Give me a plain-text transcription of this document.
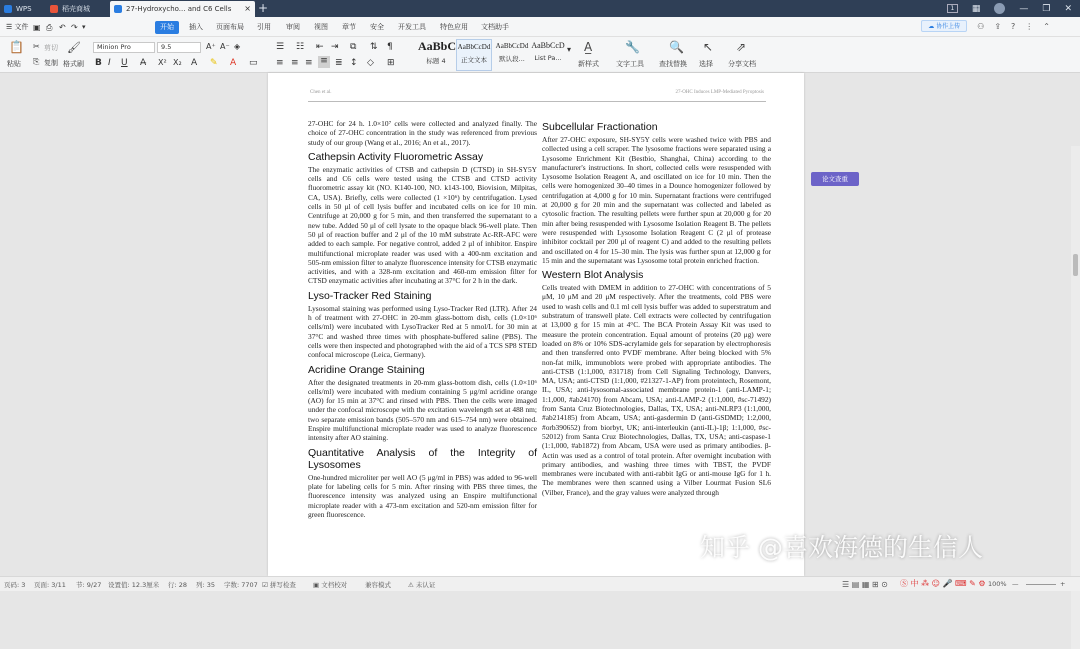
WPS	稻壳商城	27-Hydroxycho... and C6 Cells × +	1	▦	— ❐ ✕
☰ 文件 ▣ ⎙ ↶ ↷ ▾	开始	插入 页面布局 引用 审阅 视图 章节 安全 开发工具 特色应用 文档助手	☁ 协作上传	⚇ ⇪ ? ⋮ ⌃
📋
粘贴
✂ 剪切
⎘ 复制
🖌
格式刷
Minion Pro	9.5	A⁺ A⁻ ◈
B I U A̶ X² X₂ A ✎ A ▭
☰ ☷ ⇤ ⇥ ⧉ ⇅ ¶
≡ ≡ ≡ ≡ ≣ ↕ ◇ ⊞
AaBbC
标题 4
AaBbCcDd
正文文本
AaBbCcDd
默认段...
AaBbCcD
List Pa...
▾ A̲
新样式
🔧
文字工具
🔍
查找替换
↖
选择
⇗
分享文档
Chen et al.	27-OHC Induces LMP-Mediated Pyroptosis
27-OHC for 24 h. 1.0×10⁷ cells were collected and analyzed finally. The choice of 27-OHC concentration in the study was referenced from previous study of our group (Wang et al., 2016; An et al., 2017).
Cathepsin Activity Fluorometric Assay
The enzymatic activities of CTSB and cathepsin D (CTSD) in SH-SY5Y cells and C6 cells were tested using the CTSB and CTSD activity fluorometric assay kit (NO. K140-100, NO. k143-100, Biovision, Milpitas, CA, USA). Briefly, cells were collected (1 ×10⁶) by centrifugation. Lysed cells in 50 μl of cell lysis buffer and incubated cells on ice for 10 min. Centrifuge at 20,000 g for 5 min, and then transferred the supernatant to a new tube. Added 50 μl of cell lysate to the opaque black 96-well plate. Then 50 μl of reaction buffer and 2 μl of the 10 mM substrate Ac-RR-AFC were added to each sample. For negative control, added 2 μl of inhibitor. Enspire multifunctional microplate reader was used with a 400-nm excitation and 505-nm emission filter to analyze fluorescence intensity for CTSB enzymatic activities, and with a 328-nm excitation and 460-nm emission filter for CTSD enzymatic activities after incubating at 37°C for 2 h in the dark.
Lyso-Tracker Red Staining
Lysosomal staining was performed using Lyso-Tracker Red (LTR). After 24 h of treatment with 27-OHC in 20-mm glass-bottom dish, cells (1.0×10⁶ cells/ml) were incubated with LysoTracker Red at 5 nmol/L for 30 min at 37°C and washed three times with phosphate-buffered saline (PBS). The cells were then inspected and photographed with the aid of a TCS SP8 STED confocal microscope (Leica, Germany).
Acridine Orange Staining
After the designated treatments in 20-mm glass-bottom dish, cells (1.0×10⁶ cells/ml) were incubated with medium containing 5 μg/ml acridine orange (AO) for 15 min at 37°C and rinsed with PBS. Then the cells were imaged under the confocal microscope with the excitation wavelength set at 488 nm; two separate emission bands (505–570 nm and 615–754 nm) were obtained. Enspire multifunctional microplate reader was used to analyze fluorescence intensity after AO staining.
Quantitative Analysis of the Integrity of Lysosomes
One-hundred microliter per well AO (5 μg/ml in PBS) was added to 96-well plate for labeling cells for 5 min. After rinsing with PBS three times, the fluorescence intensity was analyzed using an Enspire multifunctional microplate reader with a 473-nm excitation and 520-nm emission filter for green fluorescence.
Subcellular Fractionation
After 27-OHC exposure, SH-SY5Y cells were washed twice with PBS and collected using a cell scraper. The lysosome fractions were separated using a Lysosome Enrichment Kit (Bestbio, Shanghai, China) according to the manufacturer's instructions. In short, collected cells were resuspended with Lysosome Isolation Reagent A, and oscillated on ice for 10 min. Then the cells were homogenized 30–40 times in a Dounce homogenizer followed by centrifugation at 4,000 g for 10 min. Supernatant fractions were centrifuged at 20,000 g for 20 min and the supernatant was collected and labeled as cytosolic fraction. The resulting pellets were further spun at 20,000 g for 20 min after being resuspended with Lysosome Isolation Reagent B. The pellets were resuspended with Lysosome Isolation Reagent C (2 μl of protease inhibitor cocktail per 200 μl of reagent C) and added to the resulting pellets and oscillated on 4 for 15–30 min. The lysis was further spun at 12,000 g for 15 min and the supernatant was Lysosome total protein enriched fraction.
Western Blot Analysis
Cells treated with DMEM in addition to 27-OHC with concentrations of 5 μM, 10 μM and 20 μM respectively. After the treatments, cold PBS were used to wash cells and 0.1 ml cell lysis buffer was added to superstratum and substratum of transwell plate. Cell extracts were collected by centrifugation at 13,000 g for 15 min at 4°C. The BCA Protein Assay Kit was used to measure the protein concentration. Equal amount of proteins (20 μg) were loaded on 8% or 10% SDS-acrylamide gels for separation by electrophoresis and then transferred onto PVDF membrane. After being blocked with 5% non-fat milk, immunoblots were probed with appropriate antibodies. The anti-CTSB (1:1,000, #31718) from Cell Signaling Technology, Danvers, MA, USA; anti-CTSD (1:1,000, #21327-1-AP) from proteintech, Rosemont, IL, USA; anti-lysosomal-associated membrane protein-1 (anti-LAMP-1; 1:1,000, #ab24170) from Abcam, USA; anti-LAMP-2 (1:1,000, #sc-71492) from Santa Cruz Biotechnologies, Dallas, TX, USA; anti-NLRP3 (1:1,000, #ab214185) from Abcam, USA; anti-gasdermin D (anti-GSDMD; 1:2,000, #orb390652) from biorbyt, UK; anti-interleukin (anti-IL)-1β; 1:1,000, #sc-52012) from Santa Cruz Biotechnologies, Dallas, TX, USA; anti-caspase-1 (1:1,000, #ab1872) from Abcam, USA were used as primary antibodies. β-Actin was used as a control of total protein. After overnight incubation with primary antibodies, and washing three times with TBST, the PVDF membranes were incubated with anti-rabbit IgG or anti-mouse IgG for 1 h. The membranes were then scanned using a Vilber Lourmat Fusion SL6 (Vilber, France), and the gray values were analyzed through
论文查重
知乎 @喜欢海德的生信人
页码: 3 页面: 3/11 节: 9/27 设置值: 12.3厘米 行: 28 列: 35 字数: 7707 ☑ 拼写检查	▣ 文档校对	兼容模式	⚠ 未认证	☰ ▤ ▦ ⊞ ⊙ Ⓢ 中 ⁂ ☺ 🎤 ⌨ ✎ ⚙ 100% —	+
